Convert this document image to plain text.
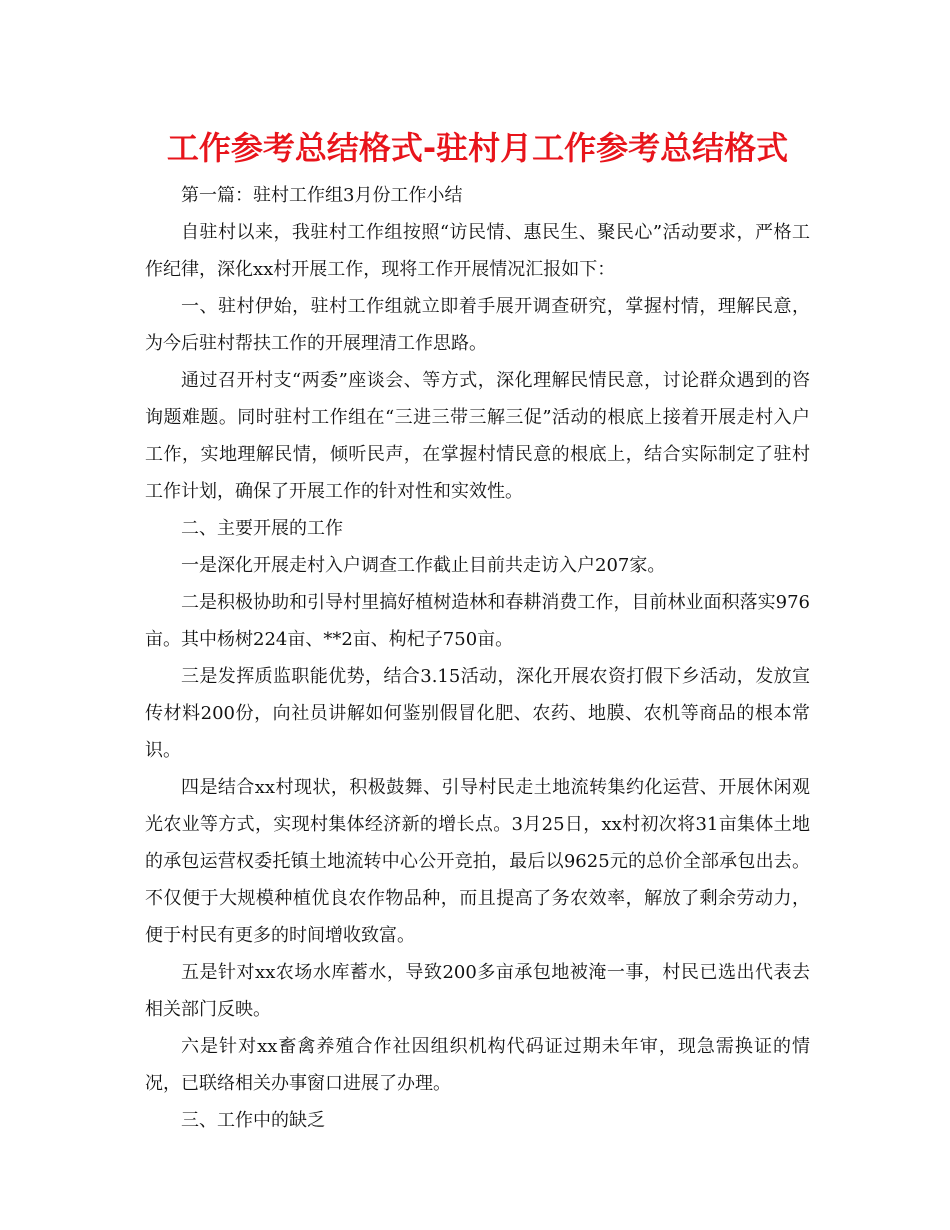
工作参考总结格式-驻村月工作参考总结格式

第一篇：驻村工作组3月份工作小结

自驻村以来，我驻村工作组按照“访民情、惠民生、聚民心”活动要求，严格工作纪律，深化xx村开展工作，现将工作开展情况汇报如下：

一、驻村伊始，驻村工作组就立即着手展开调查研究，掌握村情，理解民意，为今后驻村帮扶工作的开展理清工作思路。

通过召开村支“两委”座谈会、等方式，深化理解民情民意，讨论群众遇到的咨询题难题。同时驻村工作组在“三进三带三解三促”活动的根底上接着开展走村入户工作，实地理解民情，倾听民声，在掌握村情民意的根底上，结合实际制定了驻村工作计划，确保了开展工作的针对性和实效性。

二、主要开展的工作

一是深化开展走村入户调查工作截止目前共走访入户207家。

二是积极协助和引导村里搞好植树造林和春耕消费工作，目前林业面积落实976亩。其中杨树224亩、**2亩、枸杞子750亩。

三是发挥质监职能优势，结合3.15活动，深化开展农资打假下乡活动，发放宣传材料200份，向社员讲解如何鉴别假冒化肥、农药、地膜、农机等商品的根本常识。

四是结合xx村现状，积极鼓舞、引导村民走土地流转集约化运营、开展休闲观光农业等方式，实现村集体经济新的增长点。3月25日，xx村初次将31亩集体土地的承包运营权委托镇土地流转中心公开竞拍，最后以9625元的总价全部承包出去。不仅便于大规模种植优良农作物品种，而且提高了务农效率，解放了剩余劳动力，便于村民有更多的时间增收致富。

五是针对xx农场水库蓄水，导致200多亩承包地被淹一事，村民已选出代表去相关部门反映。

六是针对xx畜禽养殖合作社因组织机构代码证过期未年审，现急需换证的情况，已联络相关办事窗口进展了办理。

三、工作中的缺乏
